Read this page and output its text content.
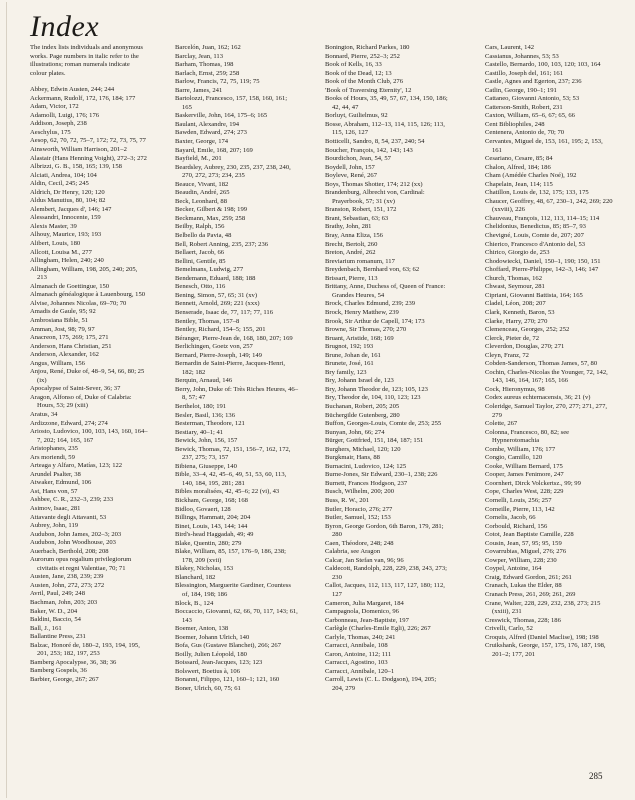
Index
The index lists individuals and anonymous works. Page numbers in italic refer to the illustrations; roman numerals indicate colour plates.
Abbey, Edwin Austen, 244; 244
Ackermann, Rudolf, 172, 176, 184; 177
Adam, Victor, 172
Adamolli, Luigi, 176; 176
Addison, Joseph, 238
Aeschylus, 175
Aesop, 62, 70, 72, 75–7, 172; 72, 73, 75, 77
Ainsworth, William Harrison, 201–2
Alastair (Hans Henning Voight), 272–3; 272
Albrizzi, G. B., 158, 165; 139, 158
Alciati, Andrea, 104; 104
Aldin, Cecil, 245; 245
Aldrich, Dr Henry, 120; 120
Aldus Manutius, 80, 104; 82
Alembert, Jacques d', 146; 147
Alessandri, Innocente, 159
Alexis Master, 39
Alhouy, Maurice, 193; 193
Alibert, Louis, 180
Allcott, Louisa M., 277
Allingham, Helen, 240; 240
Allingham, William, 198, 205, 240; 205, 213
Almanach de Goettingue, 150
Almanach généalogique à Lauenbourg, 150
Alvise, Johannes Nicolas, 69–70; 70
Amadis de Gaule, 95; 92
Ambrosiana Bible, 51
Amman, Jost, 98; 79, 97
Anacreon, 175, 269; 175, 271
Anderson, Hans Christian, 251
Anderson, Alexander, 162
Angus, William, 156
Anjou, René, Duke of, 48–9, 54, 66, 80; 25 (ix)
Apocalypse of Saint-Sever, 36; 37
Aragon, Alfonso of, Duke of Calabria: Hours, 53; 29 (xiii)
Aratus, 34
Ardizzone, Edward, 274; 274
Ariosto, Ludovico, 100, 103, 143, 160, 164–7, 202; 164, 165, 167
Aristophanes, 235
Ars moriendi, 59
Arteaga y Alfaro, Matías, 123; 122
Arundel Psalter, 38
Atwaker, Edmund, 106
Ast, Hans von, 57
Ashbee, C. R., 232–3, 239; 233
Asimov, Isaac, 281
Attavante degli Attavanti, 53
Aubrey, John, 119
Audubon, John James, 202–3; 203
Audubon, John Woodhouse, 203
Auerbach, Berthold, 208; 208
Aurorum opus regalium privilegiorum civitatis et regni Valentiae, 70; 71
Austen, Jane, 238, 239; 239
Austen, John, 272, 273; 272
Avril, Paul, 249; 248
Bachman, John, 203; 203
Baker, W. D., 204
Baldini, Baccio, 54
Ball, J., 161
Ballantine Press, 231
Balzac, Honoré de, 180–2, 193, 194, 195, 201, 253; 182, 197, 253
Bamberg Apocalypse, 36, 38; 36
Bamberg Gospels, 36
Barbier, George, 267; 267
Barcelón, Juan, 162; 162
Barclay, Jean, 113
Barham, Thomas, 198
Barlach, Ernst, 259; 258
Barlow, Francis, 72, 75, 119; 75
Barre, James, 241
Bartolozzi, Francesco, 157, 158, 160, 161; 165
Baskerville, John, 164, 175–6; 165
Baulant, Alexandre, 194
Bawden, Edward, 274; 273
Baxter, George, 174
Bayard, Emile, 168, 207; 169
Bayfield, M., 201
Beardsley, Aubrey, 230, 235, 237, 238, 240, 270, 272, 273; 234, 235
Beauce, Vivant, 182
Beaudin, André, 265
Beck, Leonhard, 88
Becker, Gilbert & 198; 199
Beckmann, Max, 259; 258
Beilby, Ralph, 156
Belbello da Pavia, 48
Bell, Robert Anning, 235, 237; 236
Bellaert, Jacob, 66
Bellini, Gentile, 85
Bemelmans, Ludwig, 277
Bendemann, Eduard, 188; 188
Benesch, Otto, 116
Bening, Simon, 57, 65; 31 (xv)
Bennett, Arnold, 269; 221 (xxx)
Benserade, Isaac de, 77, 117; 77, 116
Bentley, Thomas, 157–8
Bentley, Richard, 154–5; 155, 201
Béranger, Pierre-Jean de, 168, 180, 207; 169
Berlichingen, Goetz von, 257
Bernard, Pierre-Joseph, 149; 149
Bernardin de Saint-Pierre, Jacques-Henri, 182; 182
Berquin, Arnaud, 146
Berry, John, Duke of: Très Riches Heures, 46–8, 57; 47
Berthelot, 180; 191
Besler, Basil, 136; 136
Besterman, Theodore, 121
Bestiary, 40–1; 41
Bewick, John, 156, 157
Bewick, Thomas, 72, 151, 156–7, 162, 172, 237, 275; 73, 157
Bibiena, Giuseppe, 140
Bible, 33–4, 42, 45–6, 49, 51, 53, 60, 113, 140, 184, 195, 281; 281
Bibles moralisées, 42, 45–6; 22 (vi), 43
Bickham, George, 168; 168
Bidloo, Govaert, 128
Billings, Hammatt, 204; 204
Binet, Louis, 143, 144; 144
Bird's-head Haggadah, 49; 49
Blake, Quentin, 280; 279
Blake, William, 85, 157, 176–9, 186, 238; 178, 209 (xvii)
Blakey, Nicholas, 153
Blanchard, 182
Blessington, Marguerite Gardiner, Countess of, 184, 198; 186
Block, B., 124
Boccaccio, Giovanni, 62, 66, 70, 117, 143; 61, 143
Boemer, Anton, 138
Boemer, Johann Ulrich, 140
Bofa, Gus (Gustave Blanchet), 266; 267
Boilly, Julien Léopold, 180
Boissard, Jean-Jacques, 123; 123
Bolswert, Boetius à, 106
Bonanni, Filippo, 121, 160–1; 121, 160
Boner, Ulrich, 60, 75; 61
Bonington, Richard Parkes, 180
Bonnard, Pierre, 252–3; 252
Book of Kells, 16, 33
Book of the Dead, 12; 13
Book of the Month Club, 276
'Book of Traversing Eternity', 12
Books of Hours, 35, 49, 57, 67, 134, 150, 186; 42, 44, 47
Borluyt, Guilielmus, 92
Bosse, Abraham, 112–13, 114, 115, 126; 113, 115, 126, 127
Botticelli, Sandro, 8, 54, 237, 240; 54
Boucher, François, 142, 143; 143
Bourdichon, Jean, 54, 57
Boydell, John, 157
Boyleve, René, 267
Boys, Thomas Shotter, 174; 212 (xx)
Brandenburg, Albrecht von, Cardinal: Prayerbook, 57; 31 (xv)
Branston, Robert, 151, 172
Brant, Sebastian, 63; 63
Brathy, John, 281
Bray, Anna Eliza, 156
Brecht, Bertolt, 260
Breton, André, 262
Breviarium romanum, 117
Breydenbach, Bernhard von, 63; 62
Brissart, Pierre, 113
Brittany, Anne, Duchess of, Queen of France: Grandes Heures, 54
Brock, Charles Edmund, 239; 239
Brock, Henry Matthew, 239
Brook, Sir Arthur de Capell, 174; 173
Browne, Sir Thomas, 270; 270
Bruant, Aristide, 168; 169
Brugnot, 192; 193
Brune, Johan de, 161
Brunete, José, 161
Bry family, 123
Bry, Johann Israel de, 123
Bry, Johann Theodor de, 123; 105, 123
Bry, Theodor de, 104, 110, 123; 123
Buchanan, Robert, 205; 205
Büchergilde Gutenberg, 280
Buffon, Georges-Louis, Comte de, 253; 255
Bunyan, John, 66; 274
Bürger, Gottfried, 151, 184, 187; 151
Burghers, Michael, 120; 120
Burgkmair, Hans, 88
Burnacini, Ludovico, 124; 125
Burne-Jones, Sir Edward, 230–1, 238; 226
Burnett, Frances Hodgson, 237
Busch, Wilhelm, 200; 200
Buss, R. W., 201
Butler, Horacio, 276; 277
Butler, Samuel, 152; 153
Byron, George Gordon, 6th Baron, 179, 281; 280
Caen, Théodore, 248; 248
Calabria, see Aragon
Calcar, Jan Stefan van, 96; 96
Caldecott, Randolph, 228, 229, 238, 243, 273; 230
Callot, Jacques, 112, 113, 117, 127, 180; 112, 127
Cameron, Julia Margaret, 184
Campagnola, Domenico, 96
Carbonneau, Jean-Baptiste, 197
Carlègle (Charles-Emile Egli), 226; 267
Carlyle, Thomas, 240; 241
Carracci, Annibale, 108
Caron, Antoine, 112; 111
Carracci, Agostino, 103
Carracci, Annibale, 120–1
Carroll, Lewis (C. L. Dodgson), 194, 205; 204, 279
Cars, Laurent, 142
Cassianus, Johannes, 53; 53
Castello, Bernardo, 100, 103, 120; 103, 164
Castillo, Joseph del, 161; 161
Castle, Agnes and Egerton, 237; 236
Catlin, George, 190–1; 191
Cattaneo, Giovanni Antonio, 53; 53
Catterson-Smith, Robert, 231
Caxton, William, 65–6, 67; 65, 66
Cent Bibliophiles, 248
Centenera, Antonio de, 70; 70
Cervantes, Miguel de, 153, 161, 195; 2, 153, 161
Cesariano, Cesare, 85; 84
Chalon, Alfred, 184; 186
Cham (Amédée Charles Noé), 192
Chapelain, Jean, 114; 115
Chatillon, Louis de, 132, 175; 133, 175
Chaucer, Geoffrey, 48, 67, 230–1, 242, 269; 220 (xxviii), 226
Chauveau, François, 112, 113, 114–15; 114
Chelidonius, Benedictus, 85; 85–7, 93
Chevigné, Louis, Comte de, 207; 207
Chierico, Francesco d'Antonio del, 53
Chirico, Giorgio de, 253
Chodowiecki, Daniel, 150–1, 190; 150, 151
Choffard, Pierre-Philippe, 142–3, 146; 147
Church, Thomas, 162
Chwast, Seymour, 281
Cipriani, Giovanni Battista, 164; 165
Cladel, Léon, 208; 207
Clark, Kenneth, Baron, 53
Clarke, Harry, 270; 270
Clemenceau, Georges, 252; 252
Clerck, Pieter de, 72
Cleverdon, Douglas, 270; 271
Cleyn, Franz, 72
Cobden-Sanderson, Thomas James, 57, 80
Cochin, Charles-Nicolas the Younger, 72, 142, 143, 146, 164, 167; 165, 166
Cock, Hieronymus, 98
Codex aureus echternacensis, 36; 21 (v)
Coleridge, Samuel Taylor, 270, 277; 271, 277, 279
Colette, 267
Colonna, Francesco, 80, 82; see Hypnerotomachia
Combe, William, 176; 177
Congio, Camillo, 120
Cooke, William Bernard, 175
Cooper, James Fenimore, 247
Coornhert, Dirck Volckertsz., 99; 99
Cope, Charles West, 228; 229
Cornelli, Louis, 256; 257
Corneille, Pierre, 113, 142
Cornelis, Jacob, 66
Corbould, Richard, 156
Cotot, Jean Baptiste Camille, 228
Cousin, Jean, 57, 95; 95, 159
Covarrubias, Miguel, 276; 276
Cowper, William, 228; 230
Coypel, Antoine, 164
Craig, Edward Gordon, 261; 261
Cranach, Lukas the Elder, 88
Cranach Press, 261, 269; 261, 269
Crane, Walter, 228, 229, 232, 238, 273; 215 (xxiii), 231
Creswick, Thomas, 228; 186
Crivelli, Carlo, 52
Croquis, Alfred (Daniel Maclise), 198; 198
Cruikshank, George, 157, 175, 176, 187, 198, 201–2; 177, 201
285
